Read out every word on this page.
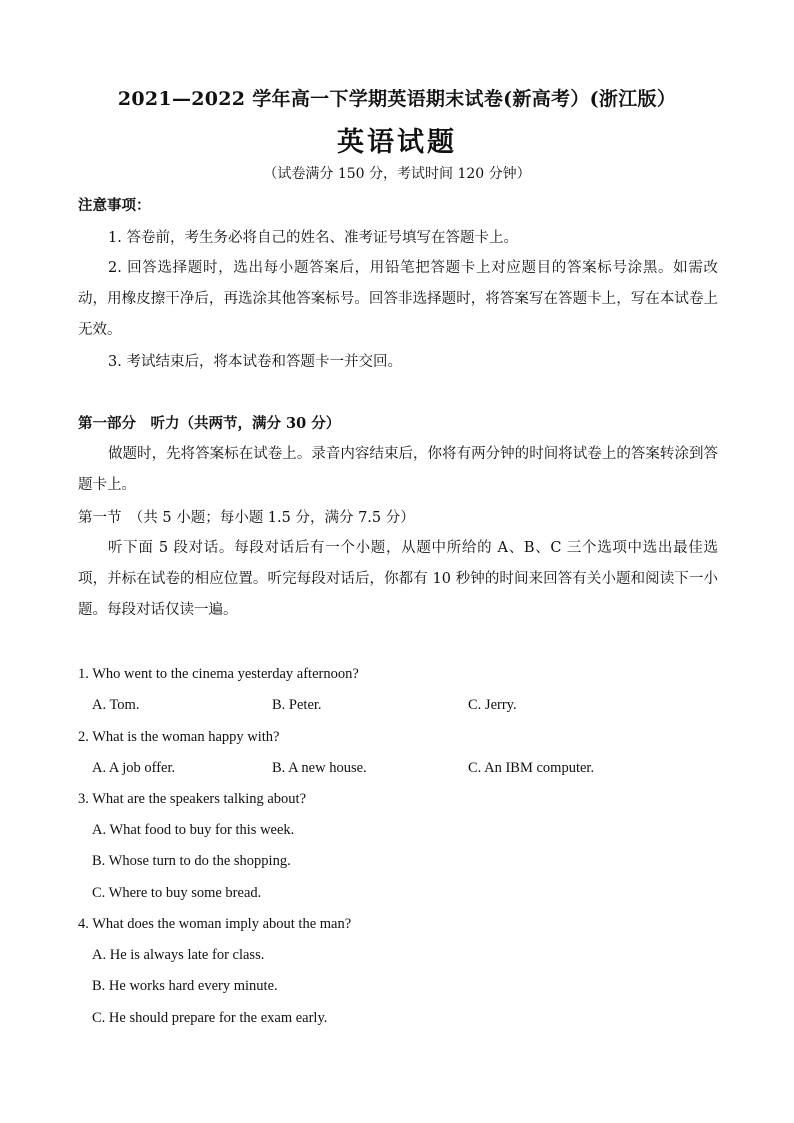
2021—2022 学年高一下学期英语期末试卷(新高考）(浙江版）
英语试题
（试卷满分 150 分，考试时间 120 分钟）
注意事项：
1. 答卷前，考生务必将自己的姓名、准考证号填写在答题卡上。
2. 回答选择题时，选出每小题答案后，用铅笔把答题卡上对应题目的答案标号涂黑。如需改动，用橡皮擦干净后，再选涂其他答案标号。回答非选择题时，将答案写在答题卡上，写在本试卷上无效。
3. 考试结束后，将本试卷和答题卡一并交回。
第一部分　听力（共两节，满分 30 分）
做题时，先将答案标在试卷上。录音内容结束后，你将有两分钟的时间将试卷上的答案转涂到答题卡上。
第一节　（共 5 小题；每小题 1.5 分，满分 7.5 分）
听下面 5 段对话。每段对话后有一个小题，从题中所给的 A、B、C 三个选项中选出最佳选项，并标在试卷的相应位置。听完每段对话后，你都有 10 秒钟的时间来回答有关小题和阅读下一小题。每段对话仅读一遍。
1. Who went to the cinema yesterday afternoon?
A. Tom.	B. Peter.	C. Jerry.
2. What is the woman happy with?
A. A job offer.	B. A new house.	C. An IBM computer.
3. What are the speakers talking about?
A. What food to buy for this week.
B. Whose turn to do the shopping.
C. Where to buy some bread.
4. What does the woman imply about the man?
A. He is always late for class.
B. He works hard every minute.
C. He should prepare for the exam early.
